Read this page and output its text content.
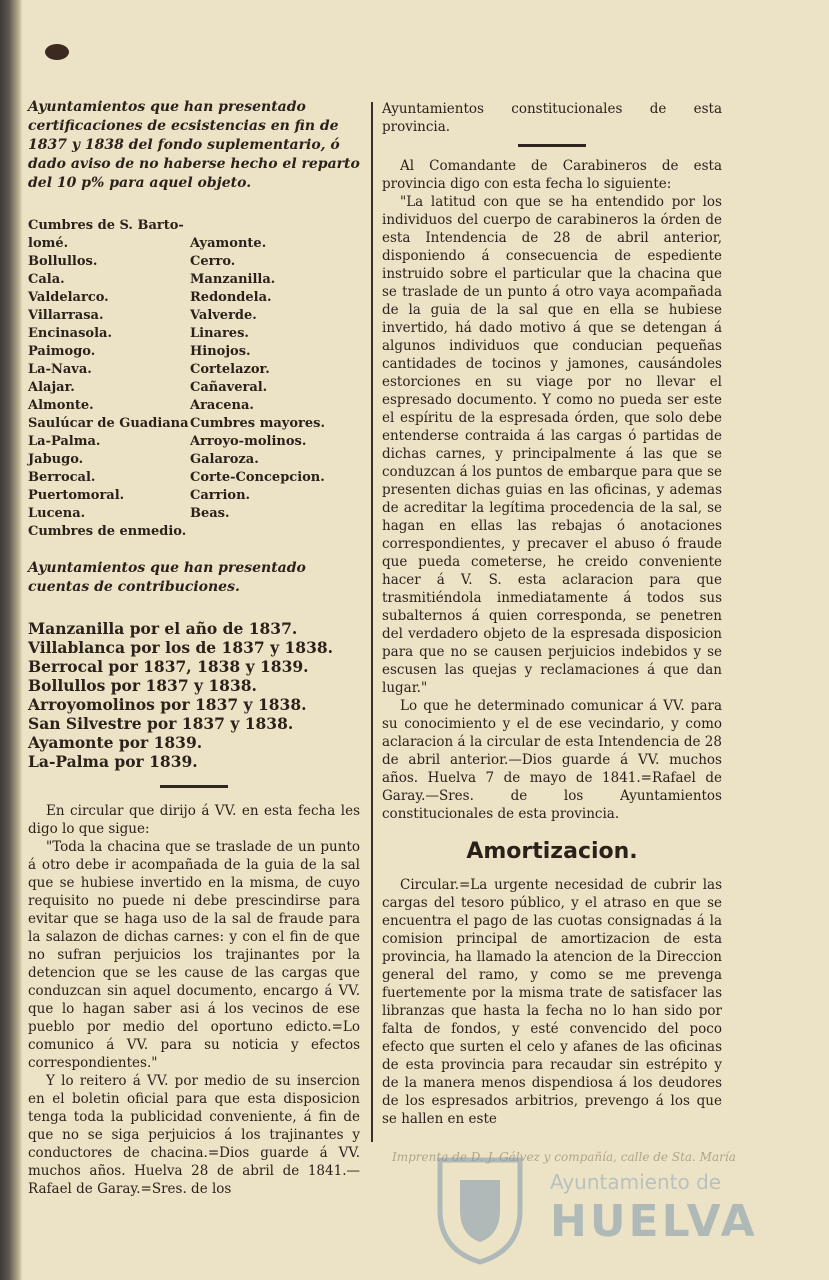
Ayuntamientos que han presentado certificaciones de ecsistencias en fin de 1837 y 1838 del fondo suplementario, ó dado aviso de no haberse hecho el reparto del 10 p% para aquel objeto.

Cumbres de S. Barto-
lomé.	Ayamonte.
Bollullos.	Cerro.
Cala.	Manzanilla.
Valdelarco.	Redondela.
Villarrasa.	Valverde.
Encinasola.	Linares.
Paimogo.	Hinojos.
La-Nava.	Cortelazor.
Alajar.	Cañaveral.
Almonte.	Aracena.
Saulúcar de Guadiana Cumbres mayores.
La-Palma.	Arroyo-molinos.
Jabugo.	Galaroza.
Berrocal.	Corte-Concepcion.
Puertomoral.	Carrion.
Lucena.	Beas.
Cumbres de enmedio.

Ayuntamientos que han presentado cuentas de contribuciones.

Manzanilla por el año de 1837.
Villablanca por los de 1837 y 1838.
Berrocal por 1837, 1838 y 1839.
Bollullos por 1837 y 1838.
Arroyomolinos por 1837 y 1838.
San Silvestre por 1837 y 1838.
Ayamonte por 1839.
La-Palma por 1839.

En circular que dirijo á VV. en esta fecha les digo lo que sigue:

"Toda la chacina que se traslade de un punto á otro debe ir acompañada de la guia de la sal que se hubiese invertido en la misma, de cuyo requisito no puede ni debe prescindirse para evitar que se haga uso de la sal de fraude para la salazon de dichas carnes: y con el fin de que no sufran perjuicios los trajinantes por la detencion que se les cause de las cargas que conduzcan sin aquel documento, encargo á VV. que lo hagan saber asi á los vecinos de ese pueblo por medio del oportuno edicto.=Lo comunico á VV. para su noticia y efectos correspondientes."

Y lo reitero á VV. por medio de su insercion en el boletin oficial para que esta disposicion tenga toda la publicidad conveniente, á fin de que no se siga perjuicios á los trajinantes y conductores de chacina.=Dios guarde á VV. muchos años. Huelva 28 de abril de 1841.—Rafael de Garay.=Sres. de los

Ayuntamientos constitucionales de esta provincia.

Al Comandante de Carabineros de esta provincia digo con esta fecha lo siguiente:

"La latitud con que se ha entendido por los individuos del cuerpo de carabineros la órden de esta Intendencia de 28 de abril anterior, disponiendo á consecuencia de espediente instruido sobre el particular que la chacina que se traslade de un punto á otro vaya acompañada de la guia de la sal que en ella se hubiese invertido, há dado motivo á que se detengan á algunos individuos que conducian pequeñas cantidades de tocinos y jamones, causándoles estorciones en su viage por no llevar el espresado documento. Y como no pueda ser este el espíritu de la espresada órden, que solo debe entenderse contraida á las cargas ó partidas de dichas carnes, y principalmente á las que se conduzcan á los puntos de embarque para que se presenten dichas guias en las oficinas, y ademas de acreditar la legítima procedencia de la sal, se hagan en ellas las rebajas ó anotaciones correspondientes, y precaver el abuso ó fraude que pueda cometerse, he creido conveniente hacer á V. S. esta aclaracion para que trasmitiéndola inmediatamente á todos sus subalternos á quien corresponda, se penetren del verdadero objeto de la espresada disposicion para que no se causen perjuicios indebidos y se escusen las quejas y reclamaciones á que dan lugar."

Lo que he determinado comunicar á VV. para su conocimiento y el de ese vecindario, y como aclaracion á la circular de esta Intendencia de 28 de abril anterior.—Dios guarde á VV. muchos años. Huelva 7 de mayo de 1841.=Rafael de Garay.—Sres. de los Ayuntamientos constitucionales de esta provincia.

Amortizacion.

Circular.=La urgente necesidad de cubrir las cargas del tesoro público, y el atraso en que se encuentra el pago de las cuotas consignadas á la comision principal de amortizacion de esta provincia, ha llamado la atencion de la Direccion general del ramo, y como se me prevenga fuertemente por la misma trate de satisfacer las libranzas que hasta la fecha no lo han sido por falta de fondos, y esté convencido del poco efecto que surten el celo y afanes de las oficinas de esta provincia para recaudar sin estrépito y de la manera menos dispendiosa á los deudores de los espresados arbitrios, prevengo á los que se hallen en este

Imprenta de D. J. Gálvez y compañía, calle de Sta. María
Ayuntamiento de
HUELVA
